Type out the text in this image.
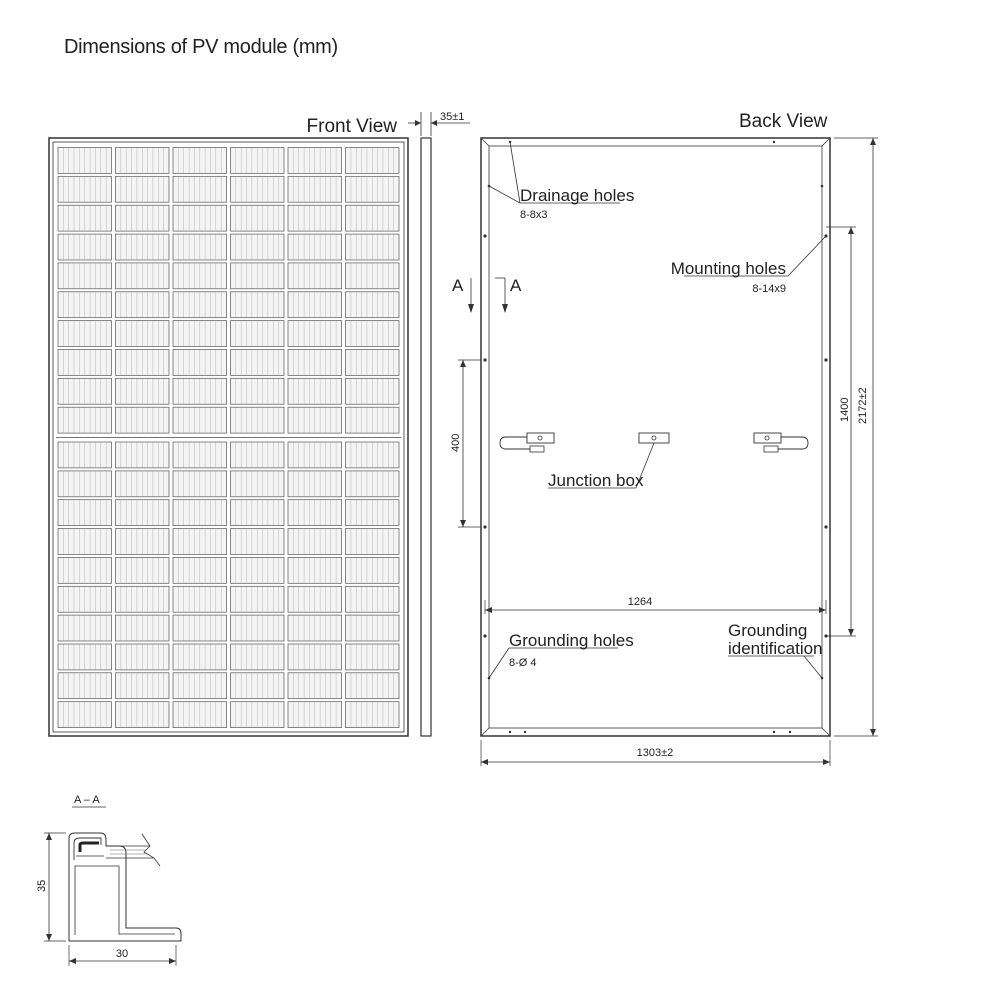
Dimensions of PV module (mm)
Front View	35±1	Back View
Drainage holes
8-8x3
Mounting holes
8-14x9
Junction box
Grounding holes
8-Ø 4
Grounding
identification
A	A
400
1264
1303±2
1400 2172±2
A – A
35
30
